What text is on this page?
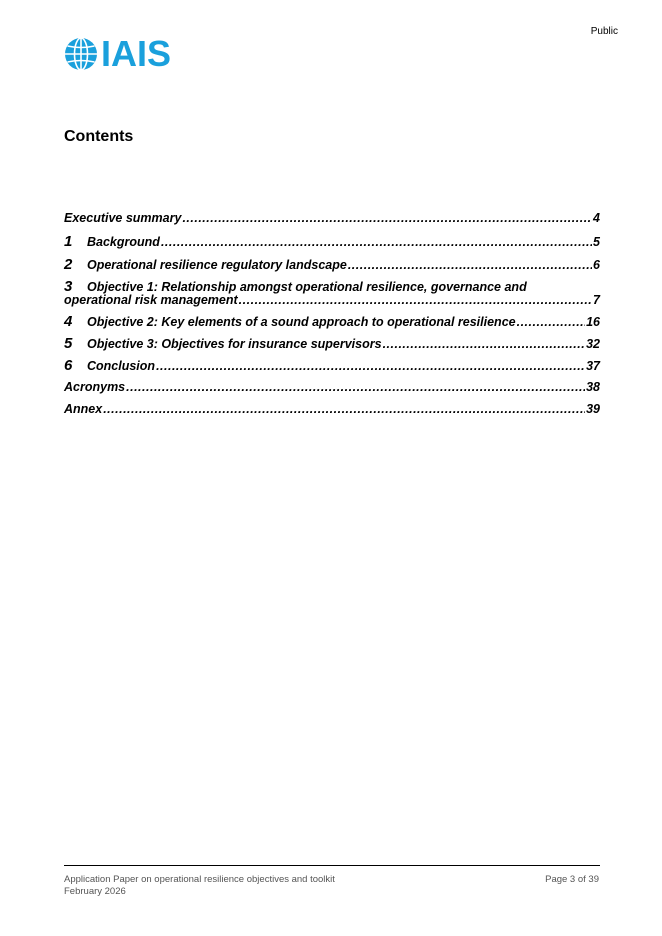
Public
IAIS
Contents
Executive summary .....	4
1	Background .....	5
2	Operational resilience regulatory landscape .....	6
3	Objective 1: Relationship amongst operational resilience, governance and
operational risk management .....	7
4	Objective 2: Key elements of a sound approach to operational resilience .....	16
5	Objective 3: Objectives for insurance supervisors .....	32
6	Conclusion .....	37
Acronyms .....	38
Annex .....	39
Application Paper on operational resilience objectives and toolkit
February 2026
Page 3 of 39
